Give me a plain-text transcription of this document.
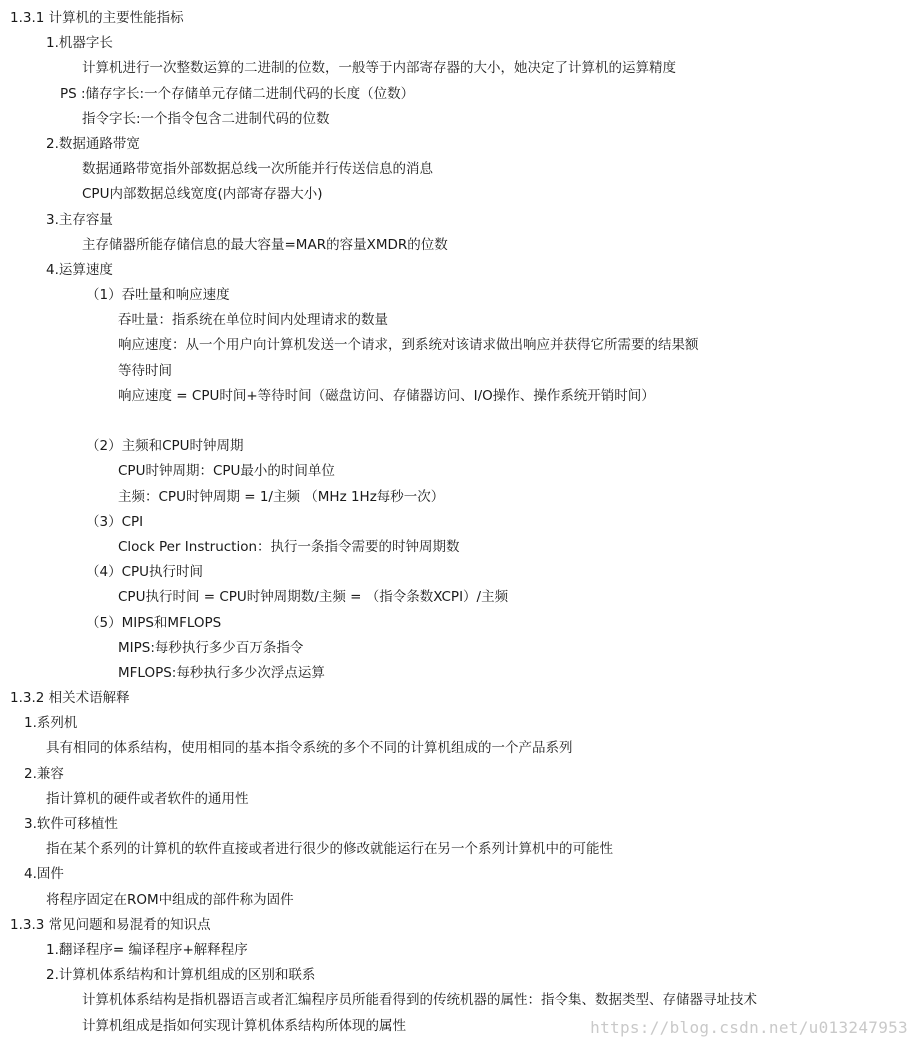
1.3.1 计算机的主要性能指标
1.机器字长
计算机进行一次整数运算的二进制的位数，一般等于内部寄存器的大小，她决定了计算机的运算精度
PS :储存字长:一个存储单元存储二进制代码的长度（位数）
指令字长:一个指令包含二进制代码的位数
2.数据通路带宽
数据通路带宽指外部数据总线一次所能并行传送信息的消息
CPU内部数据总线宽度(内部寄存器大小)
3.主存容量
主存储器所能存储信息的最大容量=MAR的容量XMDR的位数
4.运算速度
（1）吞吐量和响应速度
吞吐量：指系统在单位时间内处理请求的数量
响应速度：从一个用户向计算机发送一个请求，到系统对该请求做出响应并获得它所需要的结果额
等待时间
响应速度 = CPU时间+等待时间（磁盘访问、存储器访问、I/O操作、操作系统开销时间）
（2）主频和CPU时钟周期
CPU时钟周期：CPU最小的时间单位
主频：CPU时钟周期 = 1/主频 （MHz 1Hz每秒一次）
（3）CPI
Clock Per Instruction：执行一条指令需要的时钟周期数
（4）CPU执行时间
CPU执行时间 = CPU时钟周期数/主频 = （指令条数XCPI）/主频
（5）MIPS和MFLOPS
MIPS:每秒执行多少百万条指令
MFLOPS:每秒执行多少次浮点运算
1.3.2 相关术语解释
1.系列机
具有相同的体系结构，使用相同的基本指令系统的多个不同的计算机组成的一个产品系列
2.兼容
指计算机的硬件或者软件的通用性
3.软件可移植性
指在某个系列的计算机的软件直接或者进行很少的修改就能运行在另一个系列计算机中的可能性
4.固件
将程序固定在ROM中组成的部件称为固件
1.3.3 常见问题和易混肴的知识点
1.翻译程序= 编译程序+解释程序
2.计算机体系结构和计算机组成的区别和联系
计算机体系结构是指机器语言或者汇编程序员所能看得到的传统机器的属性：指令集、数据类型、存储器寻址技术
计算机组成是指如何实现计算机体系结构所体现的属性	https://blog.csdn.net/u013247953
